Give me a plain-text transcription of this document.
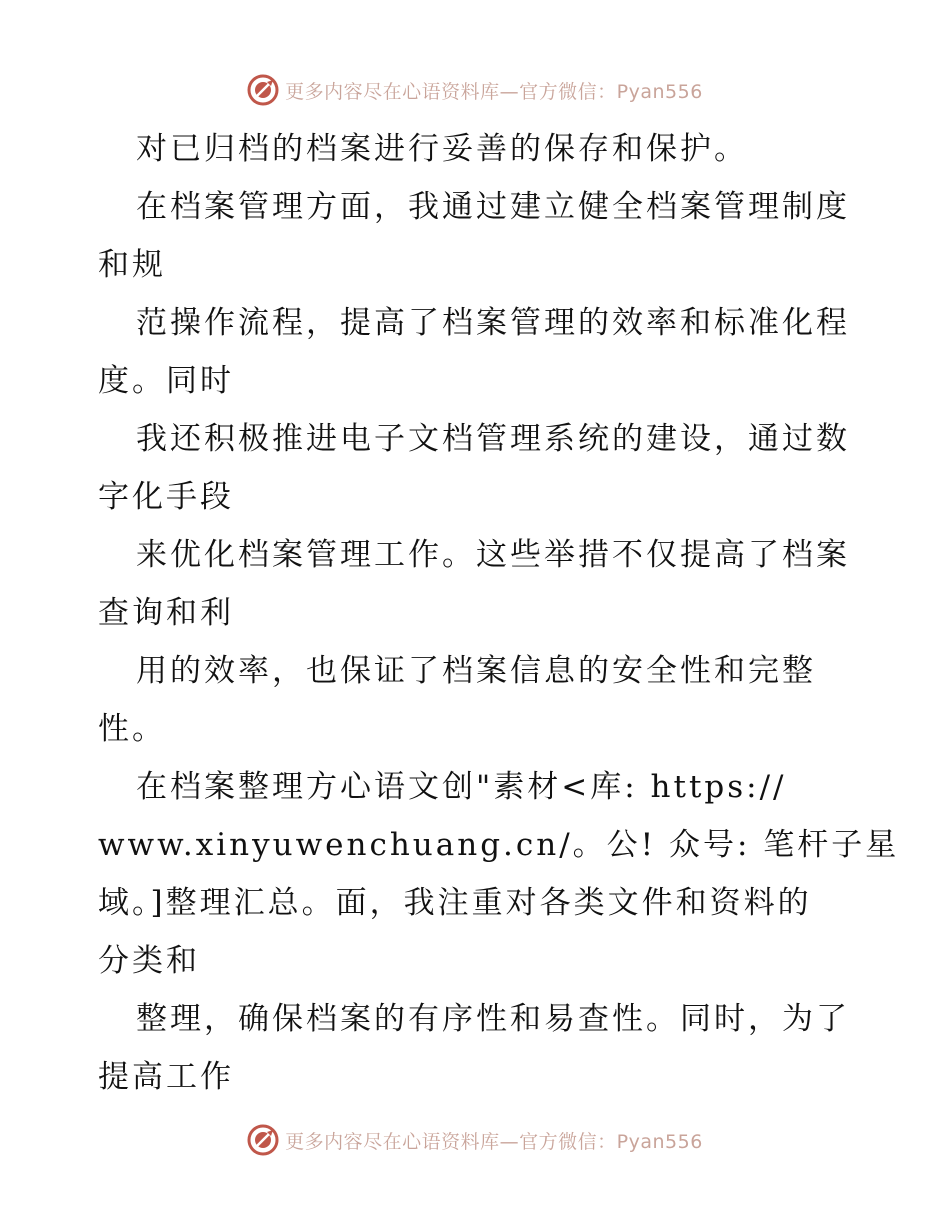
更多内容尽在心语资料库—官方微信：Pyan556
对已归档的档案进行妥善的保存和保护。
在档案管理方面，我通过建立健全档案管理制度
和规
范操作流程，提高了档案管理的效率和标准化程
度。同时
我还积极推进电子文档管理系统的建设，通过数
字化手段
来优化档案管理工作。这些举措不仅提高了档案
查询和利
用的效率，也保证了档案信息的安全性和完整
性。
在档案整理方心语文创"素材<库: https://
www.xinyuwenchuang.cn/。公! 众号: 笔杆子星
域。]整理汇总。面，我注重对各类文件和资料的
分类和
整理，确保档案的有序性和易查性。同时，为了
提高工作
更多内容尽在心语资料库—官方微信：Pyan556
